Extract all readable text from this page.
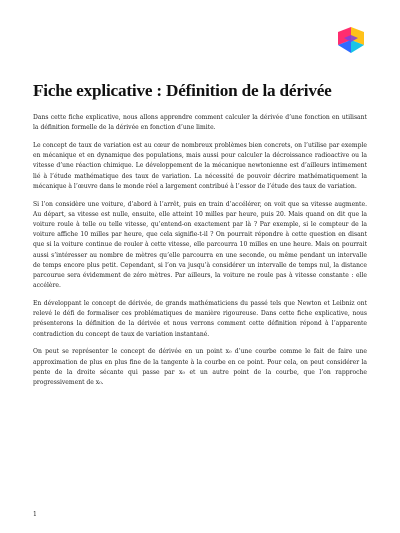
Fiche explicative : Définition de la dérivée

Dans cette fiche explicative, nous allons apprendre comment calculer la dérivée d’une fonction en utilisant la définition formelle de la dérivée en fonction d’une limite.

Le concept de taux de variation est au cœur de nombreux problèmes bien concrets, on l’utilise par exemple en mécanique et en dynamique des populations, mais aussi pour calculer la décroissance radioactive ou la vitesse d’une réaction chimique. Le développement de la mécanique newtonienne est d’ailleurs intimement lié à l’étude mathématique des taux de variation. La nécessité de pouvoir décrire mathématiquement la mécanique à l’œuvre dans le monde réel a largement contribué à l’essor de l’étude des taux de variation.

Si l’on considère une voiture, d’abord à l’arrêt, puis en train d’accélérer, on voit que sa vitesse augmente. Au départ, sa vitesse est nulle, ensuite, elle atteint 10 milles par heure, puis 20. Mais quand on dit que la voiture roule à telle ou telle vitesse, qu’entend-on exactement par là ? Par exemple, si le compteur de la voiture affiche 10 milles par heure, que cela signifie-t-il ? On pourrait répondre à cette question en disant que si la voiture continue de rouler à cette vitesse, elle parcourra 10 milles en une heure. Mais on pourrait aussi s’intéresser au nombre de mètres qu’elle parcourra en une seconde, ou même pendant un intervalle de temps encore plus petit. Cependant, si l’on va jusqu’à considérer un intervalle de temps nul, la distance parcourue sera évidemment de zéro mètres. Par ailleurs, la voiture ne roule pas à vitesse constante : elle accélère.

En développant le concept de dérivée, de grands mathématiciens du passé tels que Newton et Leibniz ont relevé le défi de formaliser ces problématiques de manière rigoureuse. Dans cette fiche explicative, nous présenterons la définition de la dérivée et nous verrons comment cette définition répond à l’apparente contradiction du concept de taux de variation instantané.

On peut se représenter le concept de dérivée en un point x₀ d’une courbe comme le fait de faire une approximation de plus en plus fine de la tangente à la courbe en ce point. Pour cela, on peut considérer la pente de la droite sécante qui passe par x₀ et un autre point de la courbe, que l’on rapproche progressivement de x₀.

1
